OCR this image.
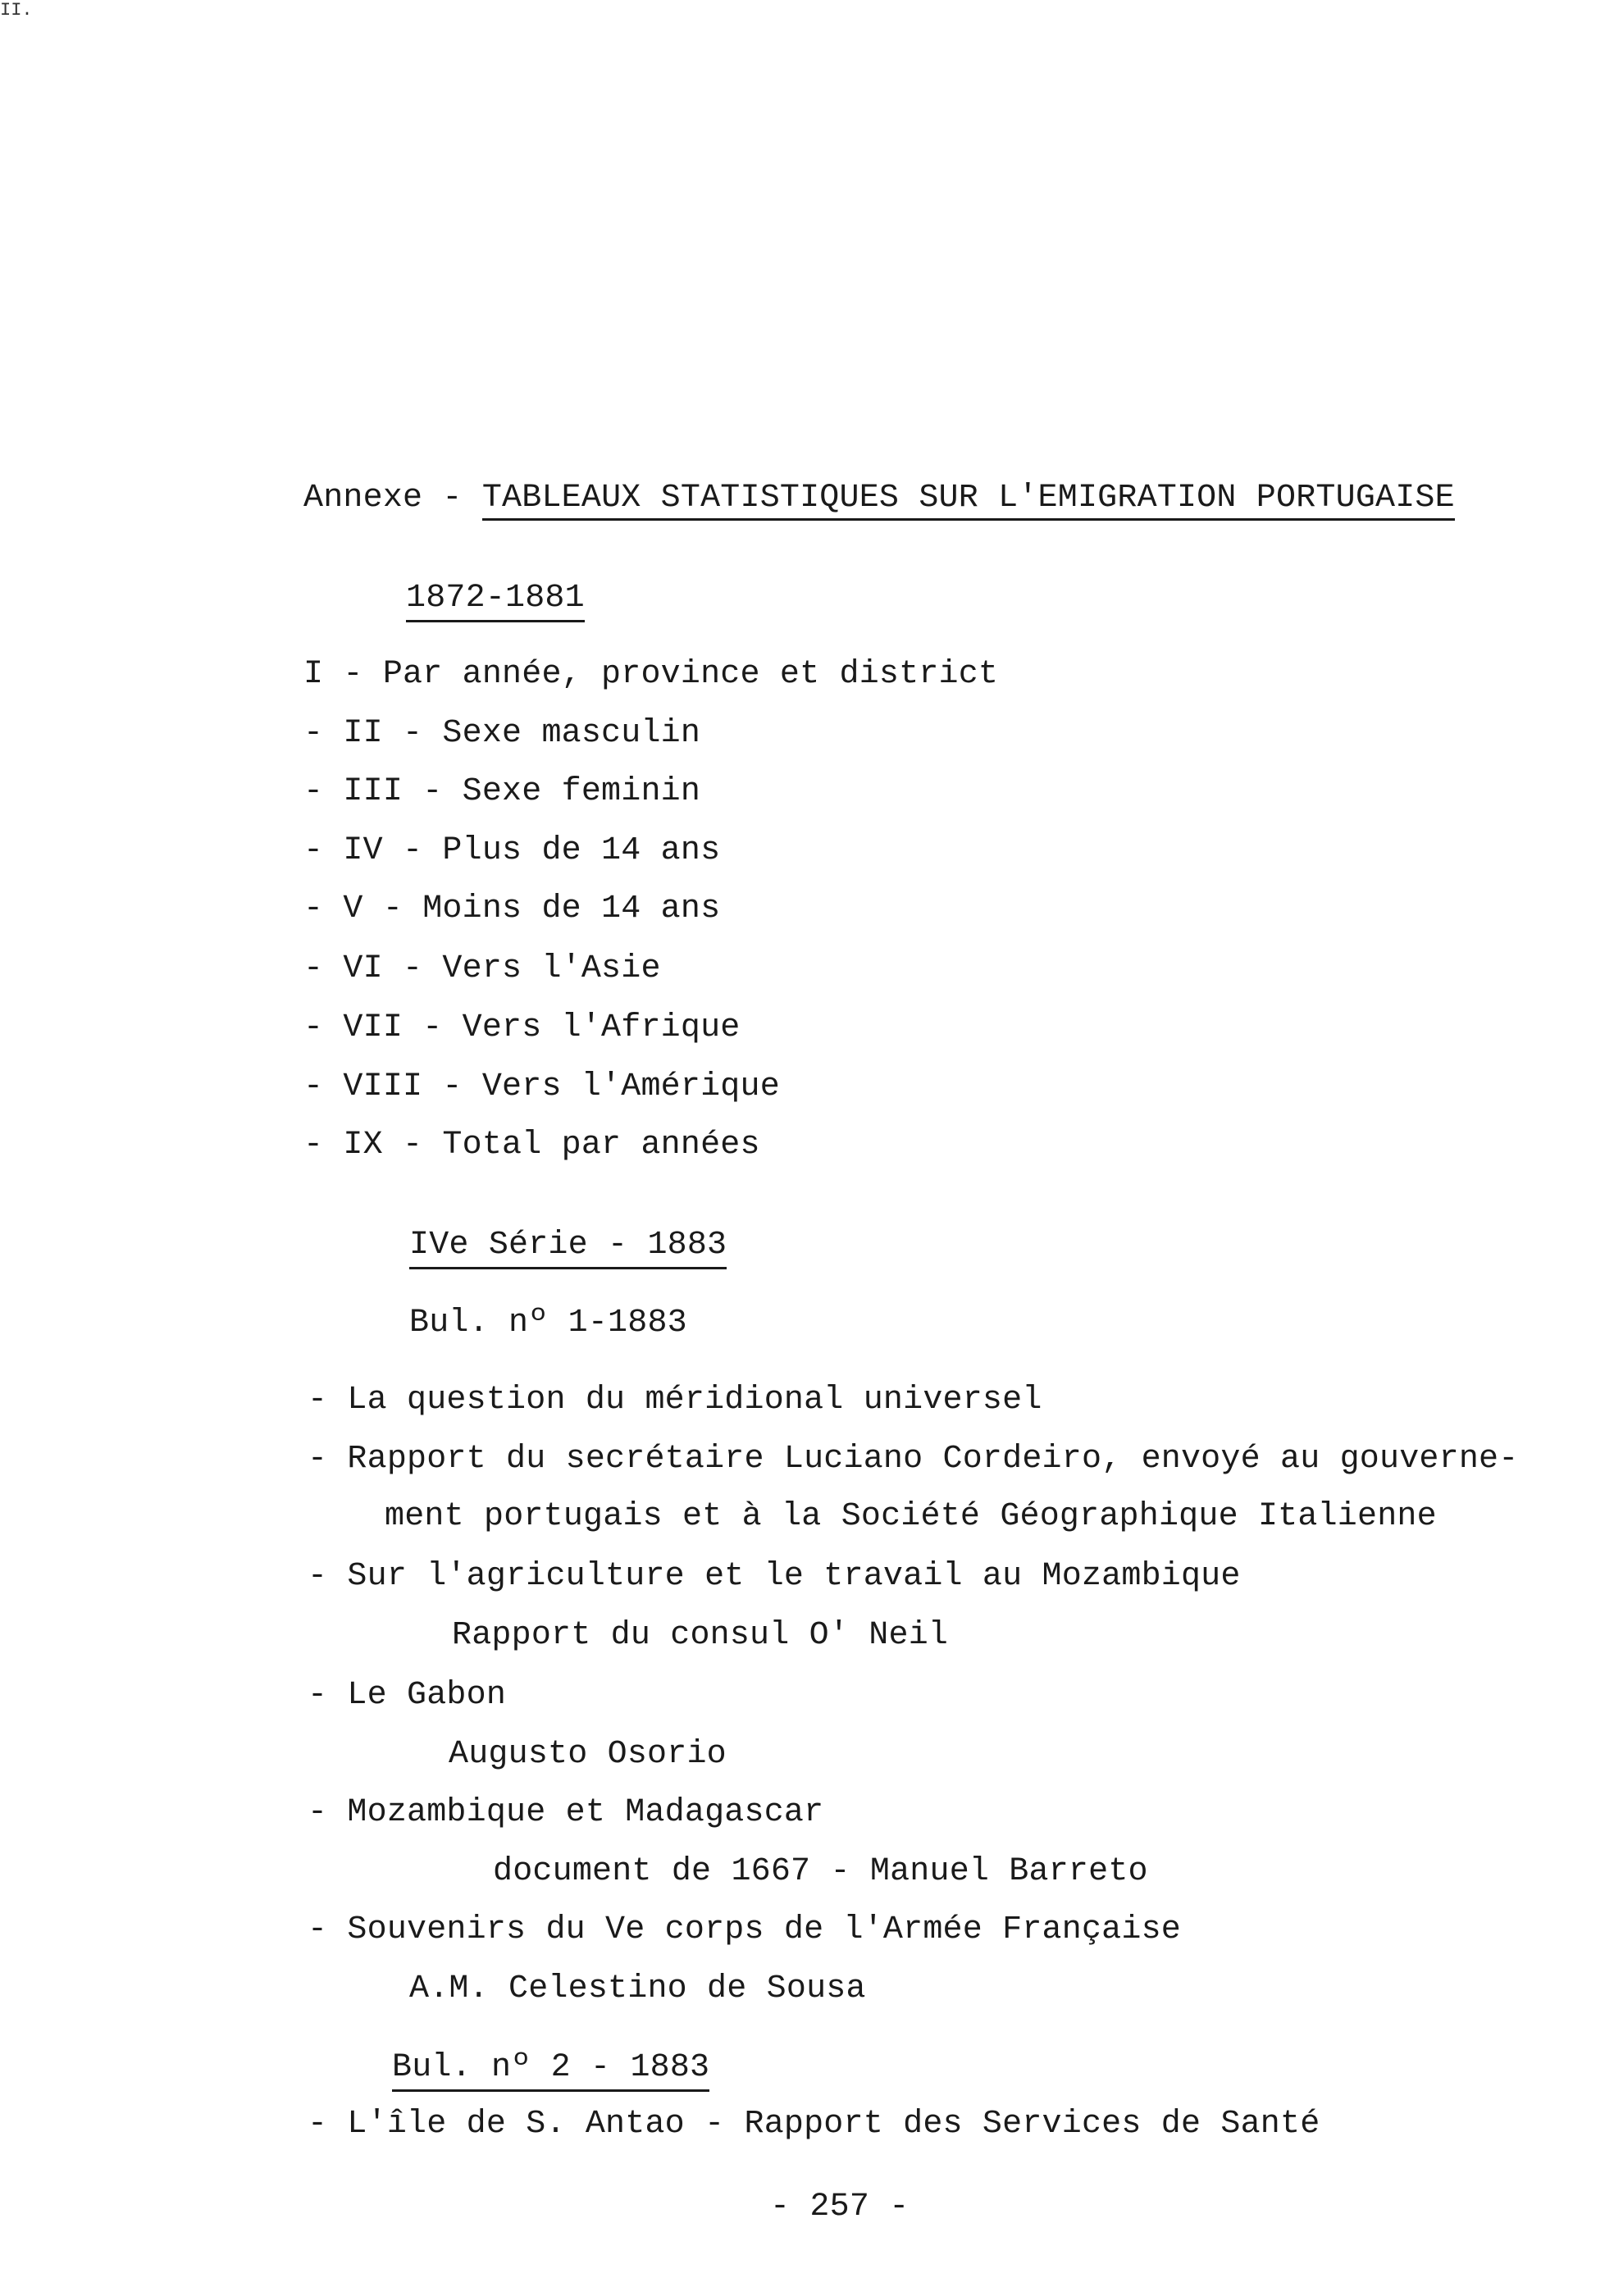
II.
Annexe - TABLEAUX STATISTIQUES SUR L'EMIGRATION PORTUGAISE
1872-1881
I - Par année, province et district
- II - Sexe masculin
- III - Sexe feminin
- IV - Plus de 14 ans
- V - Moins de 14 ans
- VI - Vers l'Asie
- VII - Vers l'Afrique
- VIII - Vers l'Amérique
- IX - Total par années
IVe Série - 1883
Bul. nº 1-1883
- La question du méridional universel
- Rapport du secrétaire Luciano Cordeiro, envoyé au gouverne-
ment portugais et à la Société Géographique Italienne
- Sur l'agriculture et le travail au Mozambique
Rapport du consul O' Neil
- Le Gabon
Augusto Osorio
- Mozambique et Madagascar
document de 1667 - Manuel Barreto
- Souvenirs du Ve corps de l'Armée Française
A.M. Celestino de Sousa
Bul. nº 2 - 1883
- L'île de S. Antao - Rapport des Services de Santé
- 257 -
